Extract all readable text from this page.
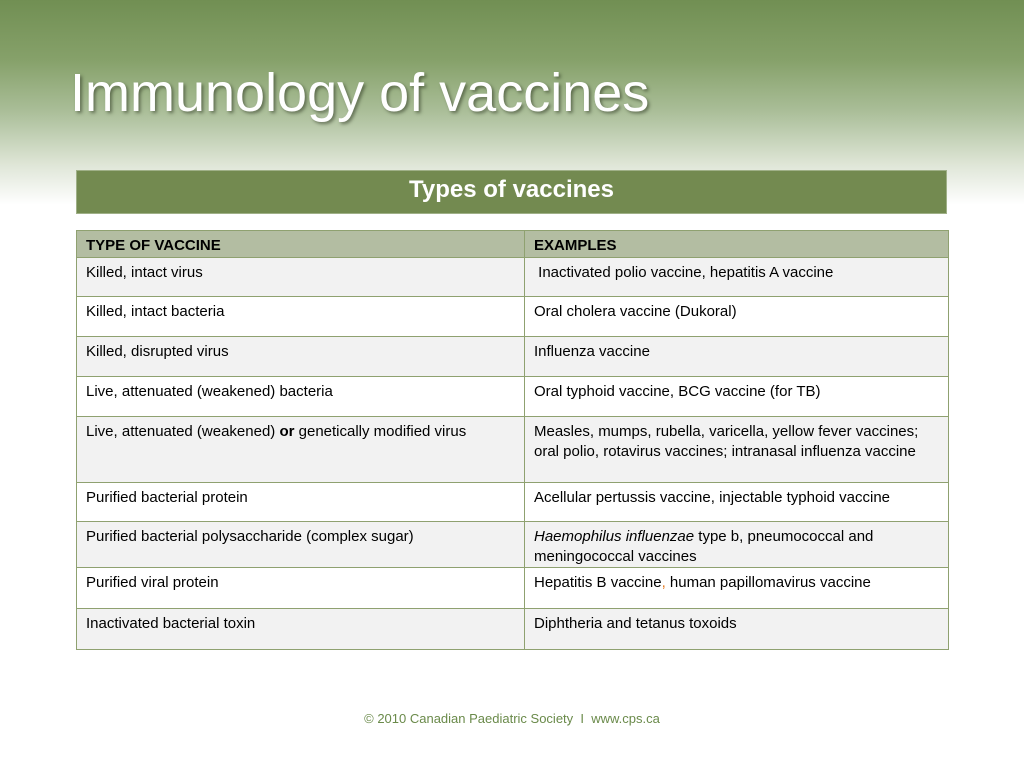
Immunology of vaccines
Types of vaccines
TYPE OF VACCINE	EXAMPLES
Killed, intact virus	Inactivated polio vaccine, hepatitis A vaccine
Killed, intact bacteria	Oral cholera vaccine (Dukoral)
Killed, disrupted virus	Influenza vaccine
Live, attenuated (weakened) bacteria	Oral typhoid vaccine, BCG vaccine (for TB)
Live, attenuated (weakened) or genetically modified virus	Measles, mumps, rubella, varicella, yellow fever vaccines; oral polio, rotavirus vaccines; intranasal influenza vaccine
Purified bacterial protein	Acellular pertussis vaccine, injectable typhoid vaccine
Purified bacterial polysaccharide (complex sugar)	Haemophilus influenzae type b, pneumococcal and meningococcal vaccines
Purified viral protein	Hepatitis B vaccine, human papillomavirus vaccine
Inactivated bacterial toxin	Diphtheria and tetanus toxoids
© 2010 Canadian Paediatric Society  I  www.cps.ca
